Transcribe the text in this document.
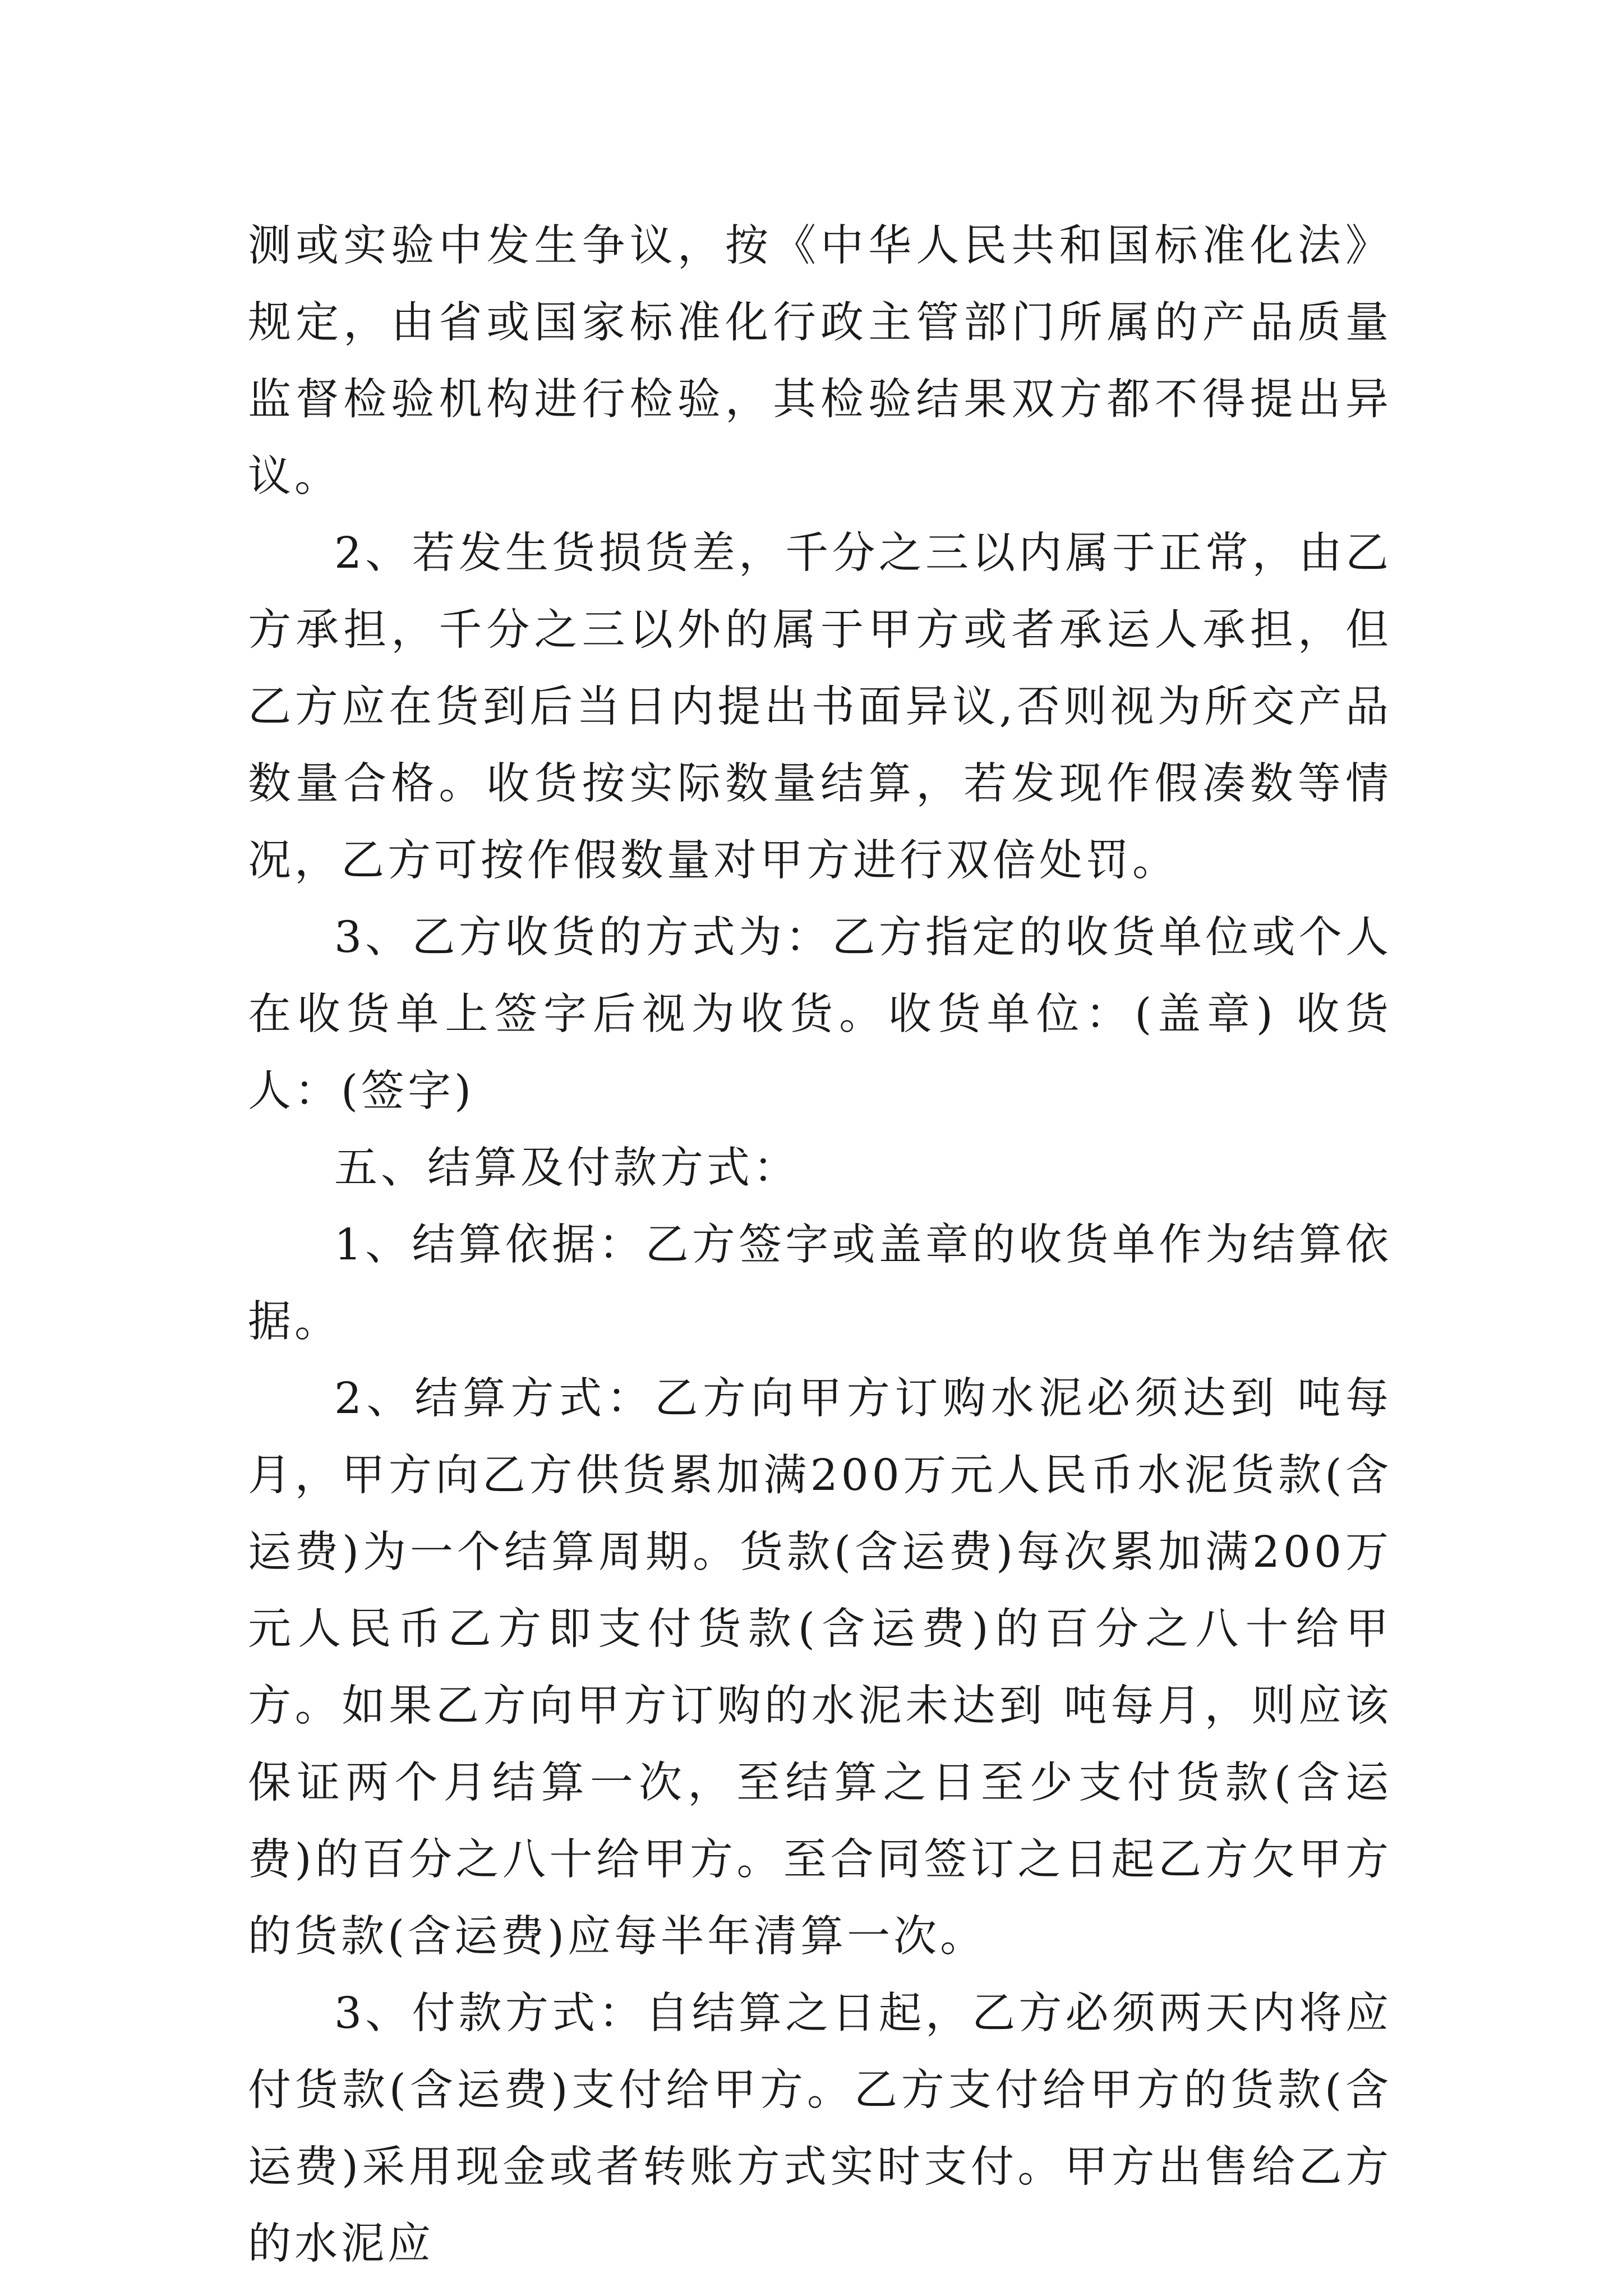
测或实验中发生争议，按《中华人民共和国标准化法》规定，由省或国家标准化行政主管部门所属的产品质量监督检验机构进行检验，其检验结果双方都不得提出异议。

2、若发生货损货差，千分之三以内属于正常，由乙方承担，千分之三以外的属于甲方或者承运人承担，但乙方应在货到后当日内提出书面异议,否则视为所交产品数量合格。收货按实际数量结算，若发现作假凑数等情况，乙方可按作假数量对甲方进行双倍处罚。

3、乙方收货的方式为：乙方指定的收货单位或个人在收货单上签字后视为收货。收货单位：(盖章) 收货人：(签字)

五、结算及付款方式：

1、结算依据：乙方签字或盖章的收货单作为结算依据。

2、结算方式：乙方向甲方订购水泥必须达到 吨每月，甲方向乙方供货累加满200万元人民币水泥货款(含运费)为一个结算周期。货款(含运费)每次累加满200万元人民币乙方即支付货款(含运费)的百分之八十给甲方。如果乙方向甲方订购的水泥未达到 吨每月，则应该保证两个月结算一次，至结算之日至少支付货款(含运费)的百分之八十给甲方。至合同签订之日起乙方欠甲方的货款(含运费)应每半年清算一次。

3、付款方式：自结算之日起，乙方必须两天内将应付货款(含运费)支付给甲方。乙方支付给甲方的货款(含运费)采用现金或者转账方式实时支付。甲方出售给乙方的水泥应
